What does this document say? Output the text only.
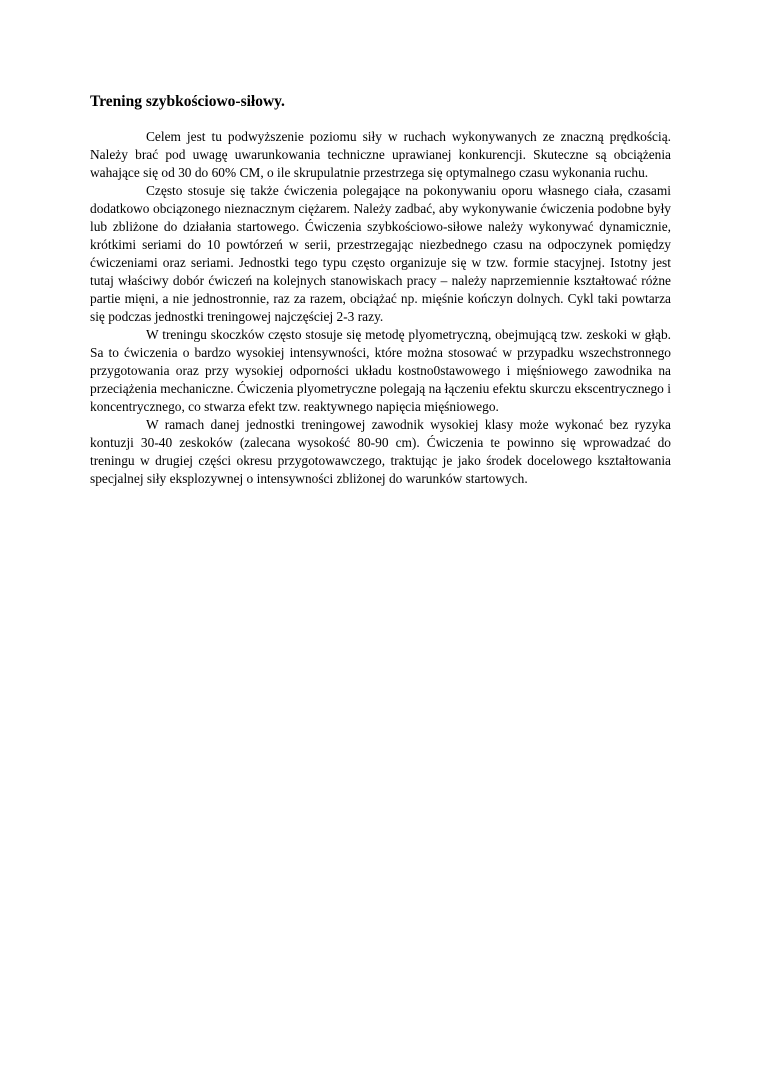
Trening szybkościowo-siłowy.

Celem jest tu podwyższenie poziomu siły w ruchach wykonywanych ze znaczną prędkością. Należy brać pod uwagę uwarunkowania techniczne uprawianej konkurencji. Skuteczne są obciążenia wahające się od 30 do 60% CM, o ile skrupulatnie przestrzega się optymalnego czasu wykonania ruchu.

Często stosuje się także ćwiczenia polegające na pokonywaniu oporu własnego ciała, czasami dodatkowo obciązonego nieznacznym ciężarem. Należy zadbać, aby wykonywanie ćwiczenia podobne były lub zbliżone do działania startowego. Ćwiczenia szybkościowo-siłowe należy wykonywać dynamicznie, krótkimi seriami do 10 powtórzeń w serii, przestrzegając niezbednego czasu na odpoczynek pomiędzy ćwiczeniami oraz seriami. Jednostki tego typu często organizuje się w tzw. formie stacyjnej. Istotny jest tutaj właściwy dobór ćwiczeń na kolejnych stanowiskach pracy – należy naprzemiennie kształtować różne partie mięni, a nie jednostronnie, raz za razem, obciążać np. mięśnie kończyn dolnych. Cykl taki powtarza się podczas jednostki treningowej najczęściej 2-3 razy.

W treningu skoczków często stosuje się metodę plyometryczną, obejmującą tzw. zeskoki w głąb. Sa to ćwiczenia o bardzo wysokiej intensywności, które można stosować w przypadku wszechstronnego przygotowania oraz przy wysokiej odporności układu kostno0stawowego i mięśniowego zawodnika na przeciążenia mechaniczne. Ćwiczenia plyometryczne polegają na łączeniu efektu skurczu ekscentrycznego i koncentrycznego, co stwarza efekt tzw. reaktywnego napięcia mięśniowego.

W ramach danej jednostki treningowej zawodnik wysokiej klasy może wykonać bez ryzyka kontuzji 30-40 zeskoków (zalecana wysokość 80-90 cm). Ćwiczenia te powinno się wprowadzać do treningu w drugiej części okresu przygotowawczego, traktując je jako środek docelowego kształtowania specjalnej siły eksplozywnej o intensywności zbliżonej do warunków startowych.
